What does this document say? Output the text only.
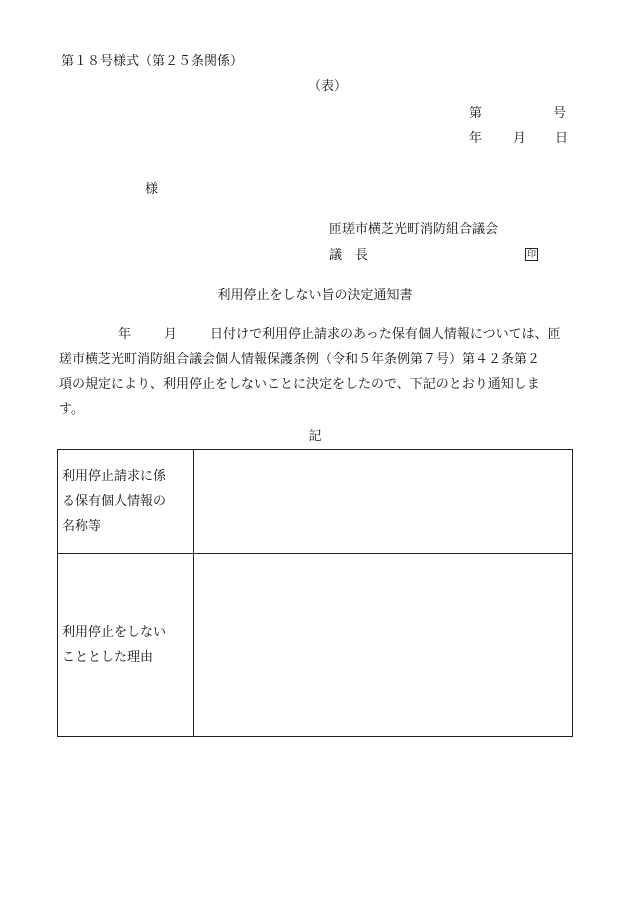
第１８号様式（第２５条関係）
（表）
第	号
年 月 日
様
匝瑳市横芝光町消防組合議会
議　長	印
利用停止をしない旨の決定通知書
年	月	日付けで利用停止請求のあった保有個人情報については、匝
瑳市横芝光町消防組合議会個人情報保護条例（令和５年条例第７号）第４２条第２
項の規定により、利用停止をしないことに決定をしたので、下記のとおり通知しま
す。
記
利用停止請求に係
る保有個人情報の
名称等	

利用停止をしない
こととした理由	
